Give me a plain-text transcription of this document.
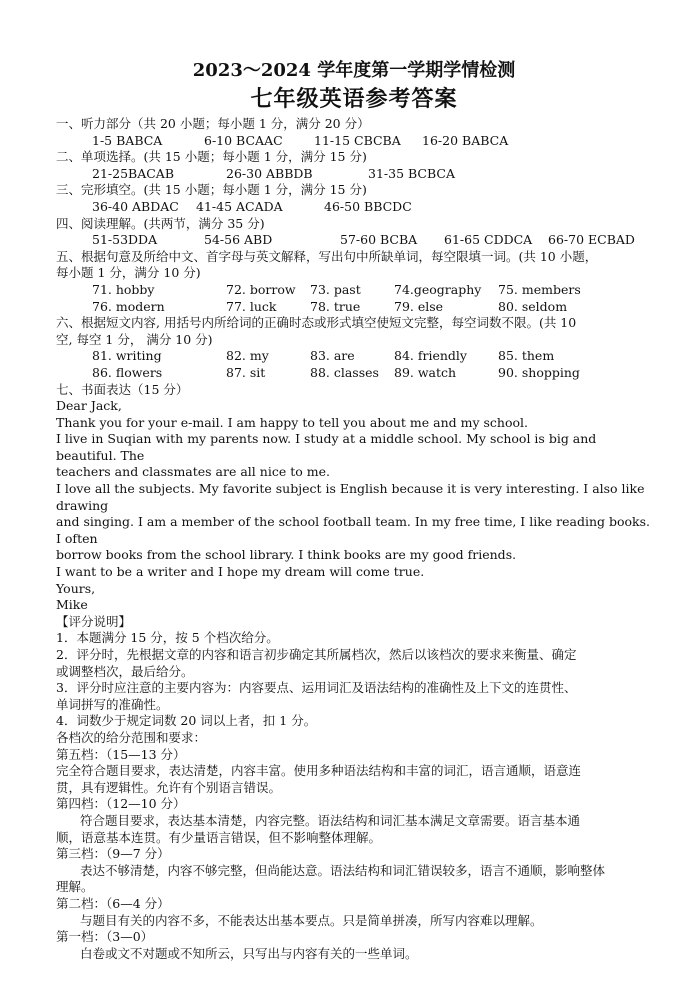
2023～2024 学年度第一学期学情检测
七年级英语参考答案
一、听力部分（共 20 小题；每小题 1 分，满分 20 分）
1-5 BABCA	6-10 BCAAC	11-15 CBCBA	16-20 BABCA
二、单项选择。(共 15 小题；每小题 1 分，满分 15 分)
21-25BACAB	26-30 ABBDB	31-35 BCBCA
三、完形填空。(共 15 小题；每小题 1 分，满分 15 分)
36-40 ABDAC	41-45 ACADA	46-50 BBCDC
四、阅读理解。(共两节，满分 35 分)
51-53DDA	54-56 ABD	57-60 BCBA	61-65 CDDCA	66-70 ECBAD
五、根据句意及所给中文、首字母与英文解释，写出句中所缺单词，每空限填一词。(共 10 小题，
每小题 1 分，满分 10 分)
71. hobby	72. borrow	73. past	74.geography	75. members
76. modern	77. luck	78. true	79. else	80. seldom
六、根据短文内容, 用括号内所给词的正确时态或形式填空使短文完整，每空词数不限。(共 10
空, 每空 1 分， 满分 10 分)
81. writing	82. my	83. are	84. friendly	85. them
86. flowers	87. sit	88. classes	89. watch	90. shopping
七、书面表达（15 分）
Dear Jack,
Thank you for your e-mail. I am happy to tell you about me and my school.
I live in Suqian with my parents now. I study at a middle school. My school is big and beautiful. The
teachers and classmates are all nice to me.
I love all the subjects. My favorite subject is English because it is very interesting. I also like drawing
and singing. I am a member of the school football team. In my free time, I like reading books. I often
borrow books from the school library. I think books are my good friends.
I want to be a writer and I hope my dream will come true.
Yours,
Mike
【评分说明】
1．本题满分 15 分，按 5 个档次给分。
2．评分时，先根据文章的内容和语言初步确定其所属档次，然后以该档次的要求来衡量、确定
或调整档次，最后给分。
3．评分时应注意的主要内容为：内容要点、运用词汇及语法结构的准确性及上下文的连贯性、
单词拼写的准确性。
4．词数少于规定词数 20 词以上者，扣 1 分。
各档次的给分范围和要求：
第五档：（15—13 分）
完全符合题目要求，表达清楚，内容丰富。使用多种语法结构和丰富的词汇，语言通顺，语意连
贯，具有逻辑性。允许有个别语言错误。
第四档：（12—10 分）
符合题目要求，表达基本清楚，内容完整。语法结构和词汇基本满足文章需要。语言基本通
顺，语意基本连贯。有少量语言错误，但不影响整体理解。
第三档：（9—7 分）
表达不够清楚，内容不够完整，但尚能达意。语法结构和词汇错误较多，语言不通顺，影响整体
理解。
第二档：（6—4 分）
与题目有关的内容不多，不能表达出基本要点。只是简单拼凑，所写内容难以理解。
第一档：（3—0）
白卷或文不对题或不知所云，只写出与内容有关的一些单词。
